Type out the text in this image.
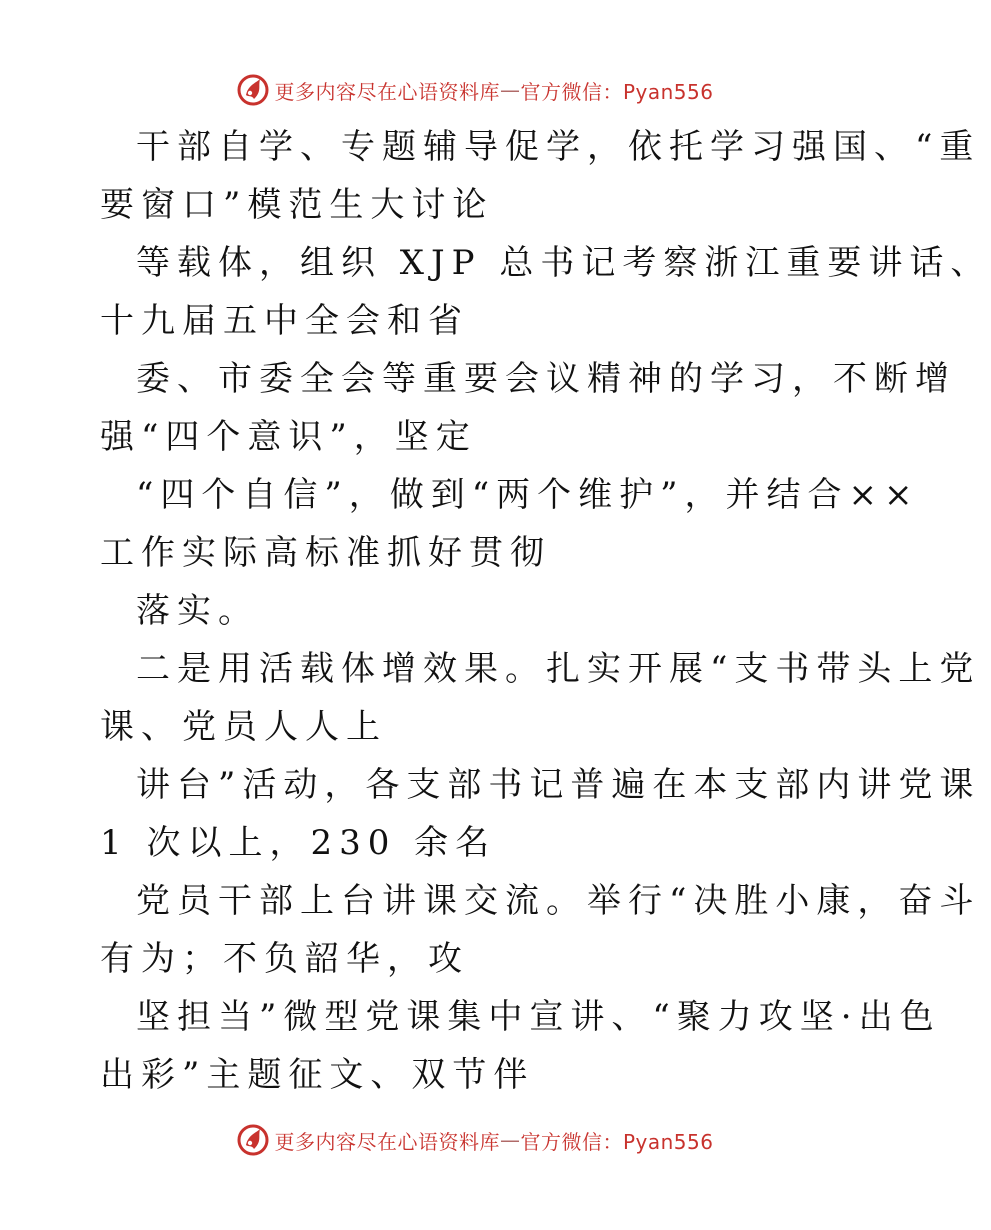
更多内容尽在心语资料库 — 官方微信：Pyan556
干部自学、专题辅导促学，依托学习强国、“重
要窗口”模范生大讨论
等载体，组织 XJP 总书记考察浙江重要讲话、
十九届五中全会和省
委、市委全会等重要会议精神的学习，不断增
强“四个意识”，坚定
“四个自信”，做到“两个维护”，并结合××
工作实际高标准抓好贯彻
落实。
二是用活载体增效果。扎实开展“支书带头上党
课、党员人人上
讲台”活动，各支部书记普遍在本支部内讲党课
1 次以上，230 余名
党员干部上台讲课交流。举行“决胜小康，奋斗
有为；不负韶华，攻
坚担当”微型党课集中宣讲、“聚力攻坚·出色
出彩”主题征文、双节伴
更多内容尽在心语资料库 — 官方微信：Pyan556
